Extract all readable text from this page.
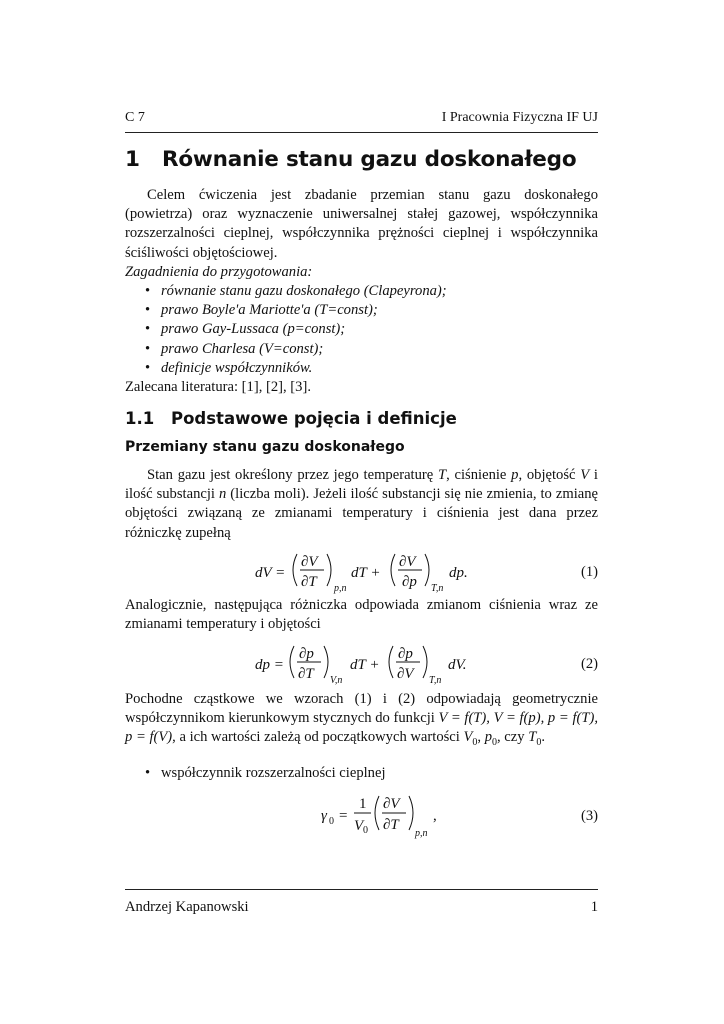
C 7	I Pracownia Fizyczna IF UJ
1 Równanie stanu gazu doskonałego
Celem ćwiczenia jest zbadanie przemian stanu gazu doskonałego (powietrza) oraz wyznaczenie uniwersalnej stałej gazowej, współczynnika rozszerzalności cieplnej, współczynnika prężności cieplnej i współczynnika ściśliwości objętościowej.
Zagadnienia do przygotowania:
• równanie stanu gazu doskonałego (Clapeyrona);
• prawo Boyle'a Mariotte'a (T=const);
• prawo Gay-Lussaca (p=const);
• prawo Charlesa (V=const);
• definicje współczynników.
Zalecana literatura: [1], [2], [3].
1.1 Podstawowe pojęcia i definicje
Przemiany stanu gazu doskonałego
Stan gazu jest określony przez jego temperaturę T, ciśnienie p, objętość V i ilość substancji n (liczba moli). Jeżeli ilość substancji się nie zmienia, to zmianę objętości związaną ze zmianami temperatury i ciśnienia jest dana przez różniczkę zupełną
dV =
∂V
∂T p,n
dT +
∂V
∂p T,n
dp.	(1)
Analogicznie, następująca różniczka odpowiada zmianom ciśnienia wraz ze zmianami temperatury i objętości
dp =
∂p
∂T V,n
dT +
∂p
∂V T,n
dV.	(2)
Pochodne cząstkowe we wzorach (1) i (2) odpowiadają geometrycznie współczynnikom kierunkowym stycznych do funkcji V = f(T), V = f(p), p = f(T), p = f(V), a ich wartości zależą od początkowych wartości $V_0$, $p_0$, czy $T_0$.
• współczynnik rozszerzalności cieplnej
γ 0 =
1
V 0
∂V
∂T
p,n
,	(3)
Andrzej Kapanowski	1
